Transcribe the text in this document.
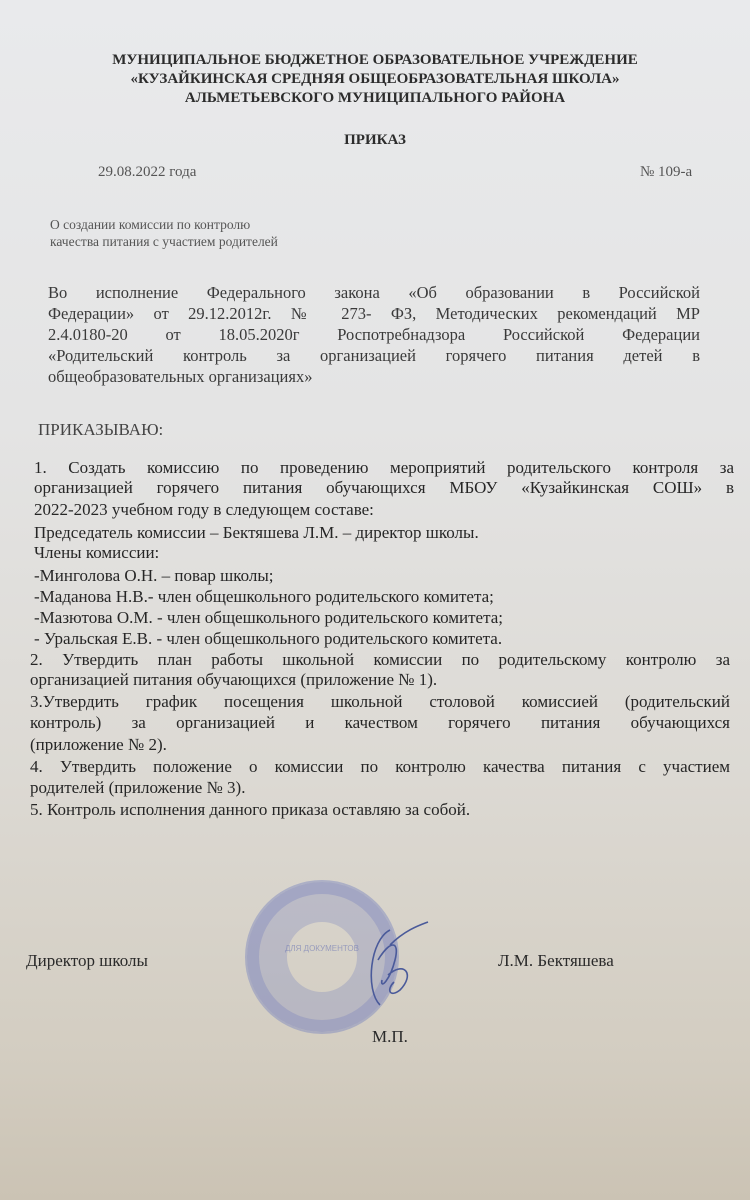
МУНИЦИПАЛЬНОЕ БЮДЖЕТНОЕ ОБРАЗОВАТЕЛЬНОЕ УЧРЕЖДЕНИЕ
«КУЗАЙКИНСКАЯ СРЕДНЯЯ ОБЩЕОБРАЗОВАТЕЛЬНАЯ ШКОЛА»
АЛЬМЕТЬЕВСКОГО МУНИЦИПАЛЬНОГО РАЙОНА
ПРИКАЗ
29.08.2022 года	№ 109-а
О создании комиссии по контролю
качества питания с участием родителей
Во исполнение Федерального закона «Об образовании в Российской
Федерации» от 29.12.2012г. № 273- ФЗ, Методических рекомендаций МР
2.4.0180-20 от 18.05.2020г Роспотребнадзора Российской Федерации
«Родительский контроль за организацией горячего питания детей в
общеобразовательных организациях»
ПРИКАЗЫВАЮ:
1. Создать комиссию по проведению мероприятий родительского контроля за
организацией горячего питания обучающихся МБОУ «Кузайкинская СОШ» в
2022-2023 учебном году в следующем составе:
Председатель комиссии – Бектяшева Л.М. – директор школы.
Члены комиссии:
-Минголова О.Н. – повар школы;
-Маданова Н.В.- член общешкольного родительского комитета;
-Мазютова О.М. - член общешкольного родительского комитета;
- Уральская Е.В. - член общешкольного родительского комитета.
2. Утвердить план работы школьной комиссии по родительскому контролю за
организацией питания обучающихся (приложение № 1).
3.Утвердить график посещения школьной столовой комиссией (родительский
контроль) за организацией и качеством горячего питания обучающихся
(приложение № 2).
4. Утвердить положение о комиссии по контролю качества питания с участием
родителей (приложение № 3).
5. Контроль исполнения данного приказа оставляю за собой.
ДЛЯ ДОКУМЕНТОВ
Директор школы	Л.М. Бектяшева
М.П.
